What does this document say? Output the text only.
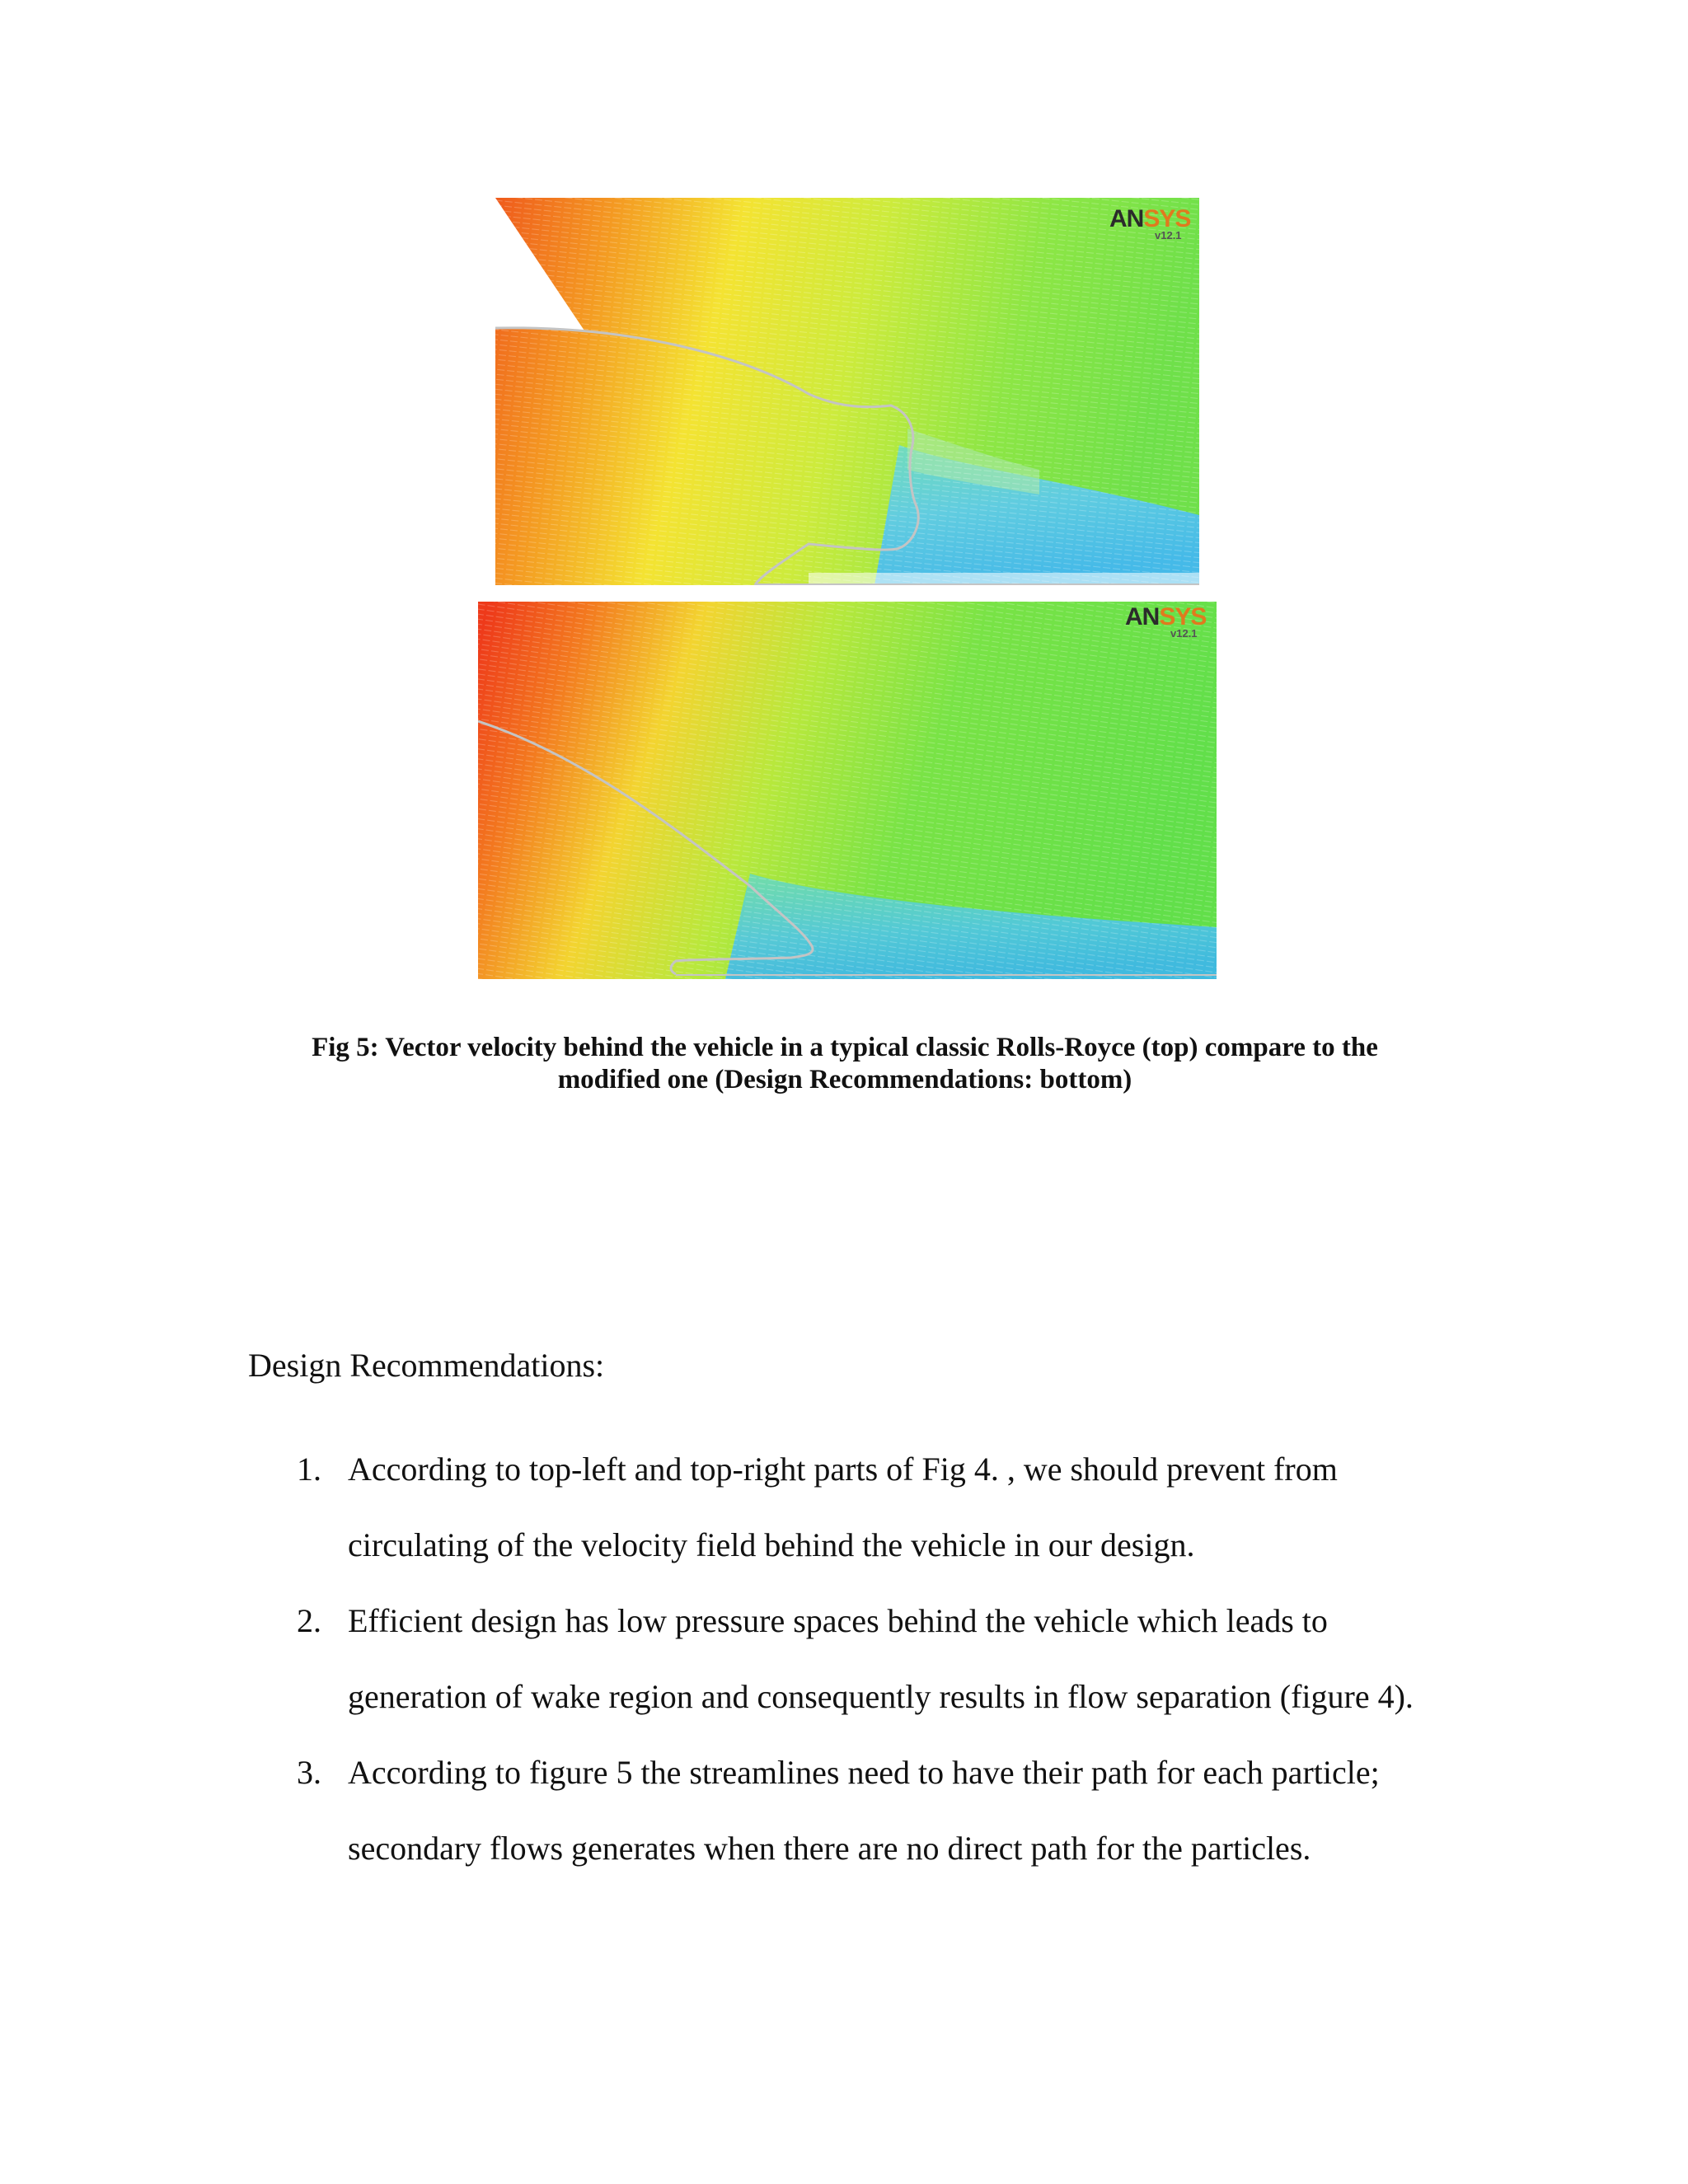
ANSYS
v12.1
ANSYS
v12.1
Fig 5: Vector velocity behind the vehicle in a typical classic Rolls-Royce (top) compare to the
modified one (Design Recommendations: bottom)
Design Recommendations:
1. According to top-left and top-right parts of Fig 4. , we should prevent from
circulating of the velocity field behind the vehicle in our design.
2. Efficient design has low pressure spaces behind the vehicle which leads to
generation of wake region and consequently results in flow separation (figure 4).
3. According to figure 5 the streamlines need to have their path for each particle;
secondary flows generates when there are no direct path for the particles.
